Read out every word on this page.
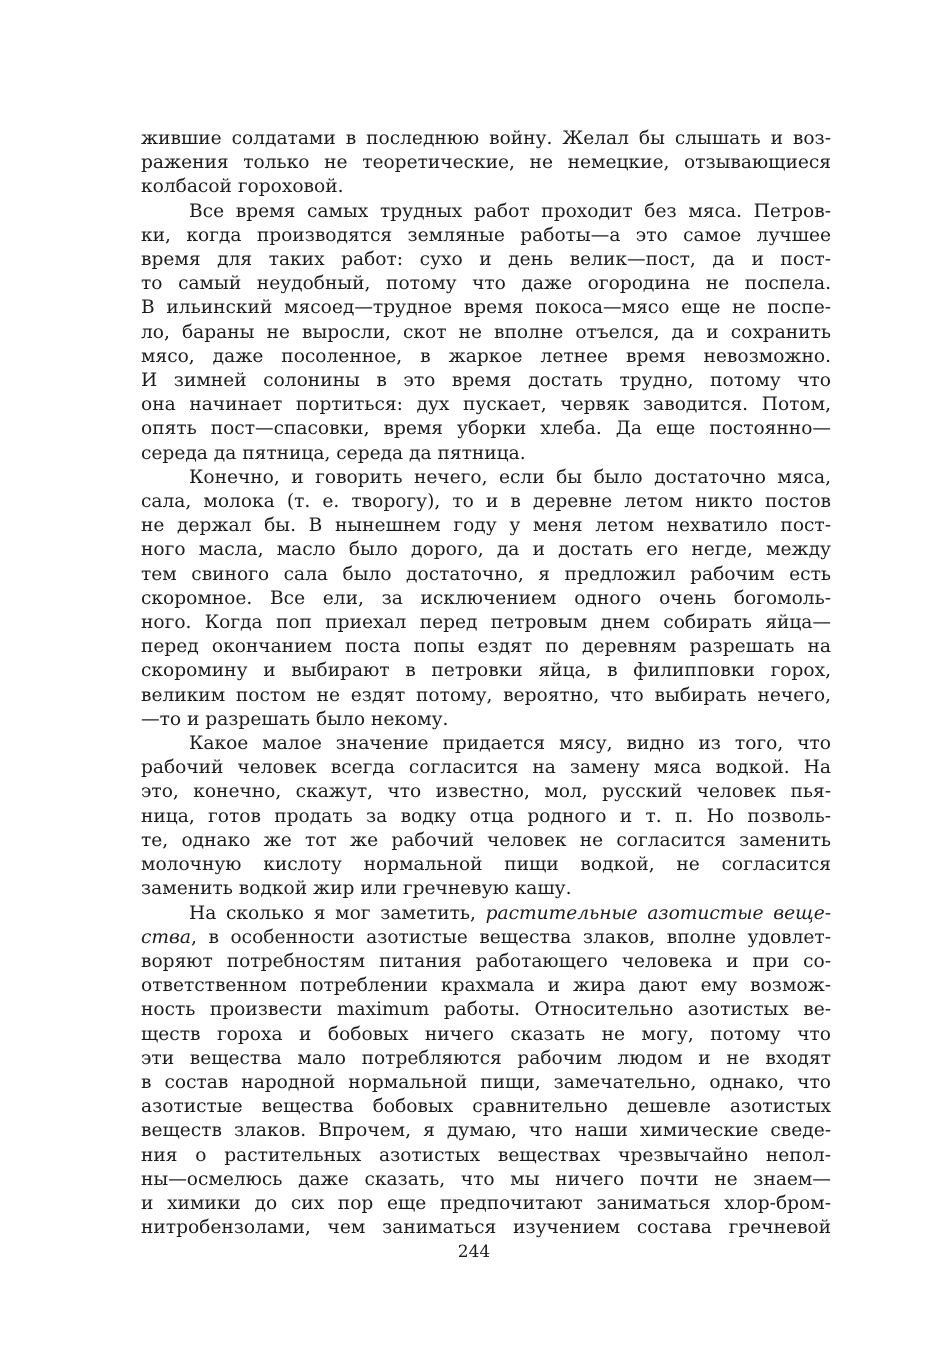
жившие солдатами в последнюю войну. Желал бы слышать и воз-
ражения только не теоретические, не немецкие, отзывающиеся
колбасой гороховой.

Все время самых трудных работ проходит без мяса. Петров-
ки, когда производятся земляные работы—а это самое лучшее
время для таких работ: сухо и день велик—пост, да и пост-
то самый неудобный, потому что даже огородина не поспела.
В ильинский мясоед—трудное время покоса—мясо еще не поспе-
ло, бараны не выросли, скот не вполне отъелся, да и сохранить
мясо, даже посоленное, в жаркое летнее время невозможно.
И зимней солонины в это время достать трудно, потому что
она начинает портиться: дух пускает, червяк заводится. Потом,
опять пост—спасовки, время уборки хлеба. Да еще постоянно—
середа да пятница, середа да пятница.

Конечно, и говорить нечего, если бы было достаточно мяса,
сала, молока (т. е. творогу), то и в деревне летом никто постов
не держал бы. В нынешнем году у меня летом нехватило пост-
ного масла, масло было дорого, да и достать его негде, между
тем свиного сала было достаточно, я предложил рабочим есть
скоромное. Все ели, за исключением одного очень богомоль-
ного. Когда поп приехал перед петровым днем собирать яйца—
перед окончанием поста попы ездят по деревням разрешать на
скоромину и выбирают в петровки яйца, в филипповки горох,
великим постом не ездят потому, вероятно, что выбирать нечего,
—то и разрешать было некому.

Какое малое значение придается мясу, видно из того, что
рабочий человек всегда согласится на замену мяса водкой. На
это, конечно, скажут, что известно, мол, русский человек пья-
ница, готов продать за водку отца родного и т. п. Но позволь-
те, однако же тот же рабочий человек не согласится заменить
молочную кислоту нормальной пищи водкой, не согласится
заменить водкой жир или гречневую кашу.

На сколько я мог заметить, растительные азотистые веще-
ства, в особенности азотистые вещества злаков, вполне удовлет-
воряют потребностям питания работающего человека и при со-
ответственном потреблении крахмала и жира дают ему возмож-
ность произвести maximum работы. Относительно азотистых ве-
ществ гороха и бобовых ничего сказать не могу, потому что
эти вещества мало потребляются рабочим людом и не входят
в состав народной нормальной пищи, замечательно, однако, что
азотистые вещества бобовых сравнительно дешевле азотистых
веществ злаков. Впрочем, я думаю, что наши химические сведе-
ния о растительных азотистых веществах чрезвычайно непол-
ны—осмелюсь даже сказать, что мы ничего почти не знаем—
и химики до сих пор еще предпочитают заниматься хлор-бром-
нитробензолами, чем заниматься изучением состава гречневой

244
